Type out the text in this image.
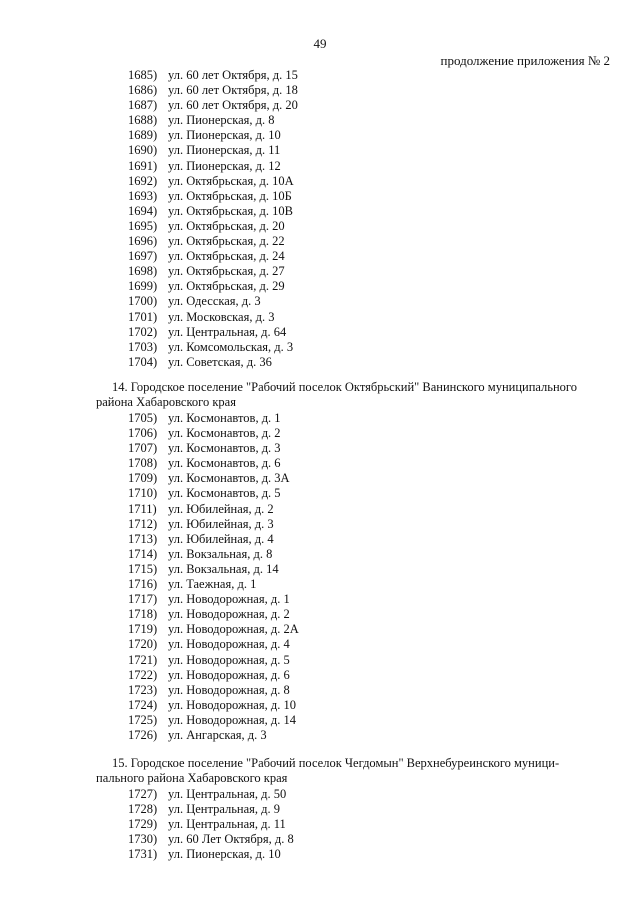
49
продолжение приложения № 2
1685) ул. 60 лет Октября, д. 15
1686) ул. 60 лет Октября, д. 18
1687) ул. 60 лет Октября, д. 20
1688) ул. Пионерская, д. 8
1689) ул. Пионерская, д. 10
1690) ул. Пионерская, д. 11
1691) ул. Пионерская, д. 12
1692) ул. Октябрьская, д. 10А
1693) ул. Октябрьская, д. 10Б
1694) ул. Октябрьская, д. 10В
1695) ул. Октябрьская, д. 20
1696) ул. Октябрьская, д. 22
1697) ул. Октябрьская, д. 24
1698) ул. Октябрьская, д. 27
1699) ул. Октябрьская, д. 29
1700) ул. Одесская, д. 3
1701) ул. Московская, д. 3
1702) ул. Центральная, д. 64
1703) ул. Комсомольская, д. 3
1704) ул. Советская, д. 36

14. Городское поселение "Рабочий поселок Октябрьский" Ванинского муниципального

района Хабаровского края

1705) ул. Космонавтов, д. 1
1706) ул. Космонавтов, д. 2
1707) ул. Космонавтов, д. 3
1708) ул. Космонавтов, д. 6
1709) ул. Космонавтов, д. 3А
1710) ул. Космонавтов, д. 5
1711) ул. Юбилейная, д. 2
1712) ул. Юбилейная, д. 3
1713) ул. Юбилейная, д. 4
1714) ул. Вокзальная, д. 8
1715) ул. Вокзальная, д. 14
1716) ул. Таежная, д. 1
1717) ул. Новодорожная, д. 1
1718) ул. Новодорожная, д. 2
1719) ул. Новодорожная, д. 2А
1720) ул. Новодорожная, д. 4
1721) ул. Новодорожная, д. 5
1722) ул. Новодорожная, д. 6
1723) ул. Новодорожная, д. 8
1724) ул. Новодорожная, д. 10
1725) ул. Новодорожная, д. 14
1726) ул. Ангарская, д. 3

15. Городское поселение "Рабочий поселок Чегдомын" Верхнебуреинского муници-

пального района Хабаровского края

1727) ул. Центральная, д. 50
1728) ул. Центральная, д. 9
1729) ул. Центральная, д. 11
1730) ул. 60 Лет Октября, д. 8
1731) ул. Пионерская, д. 10
